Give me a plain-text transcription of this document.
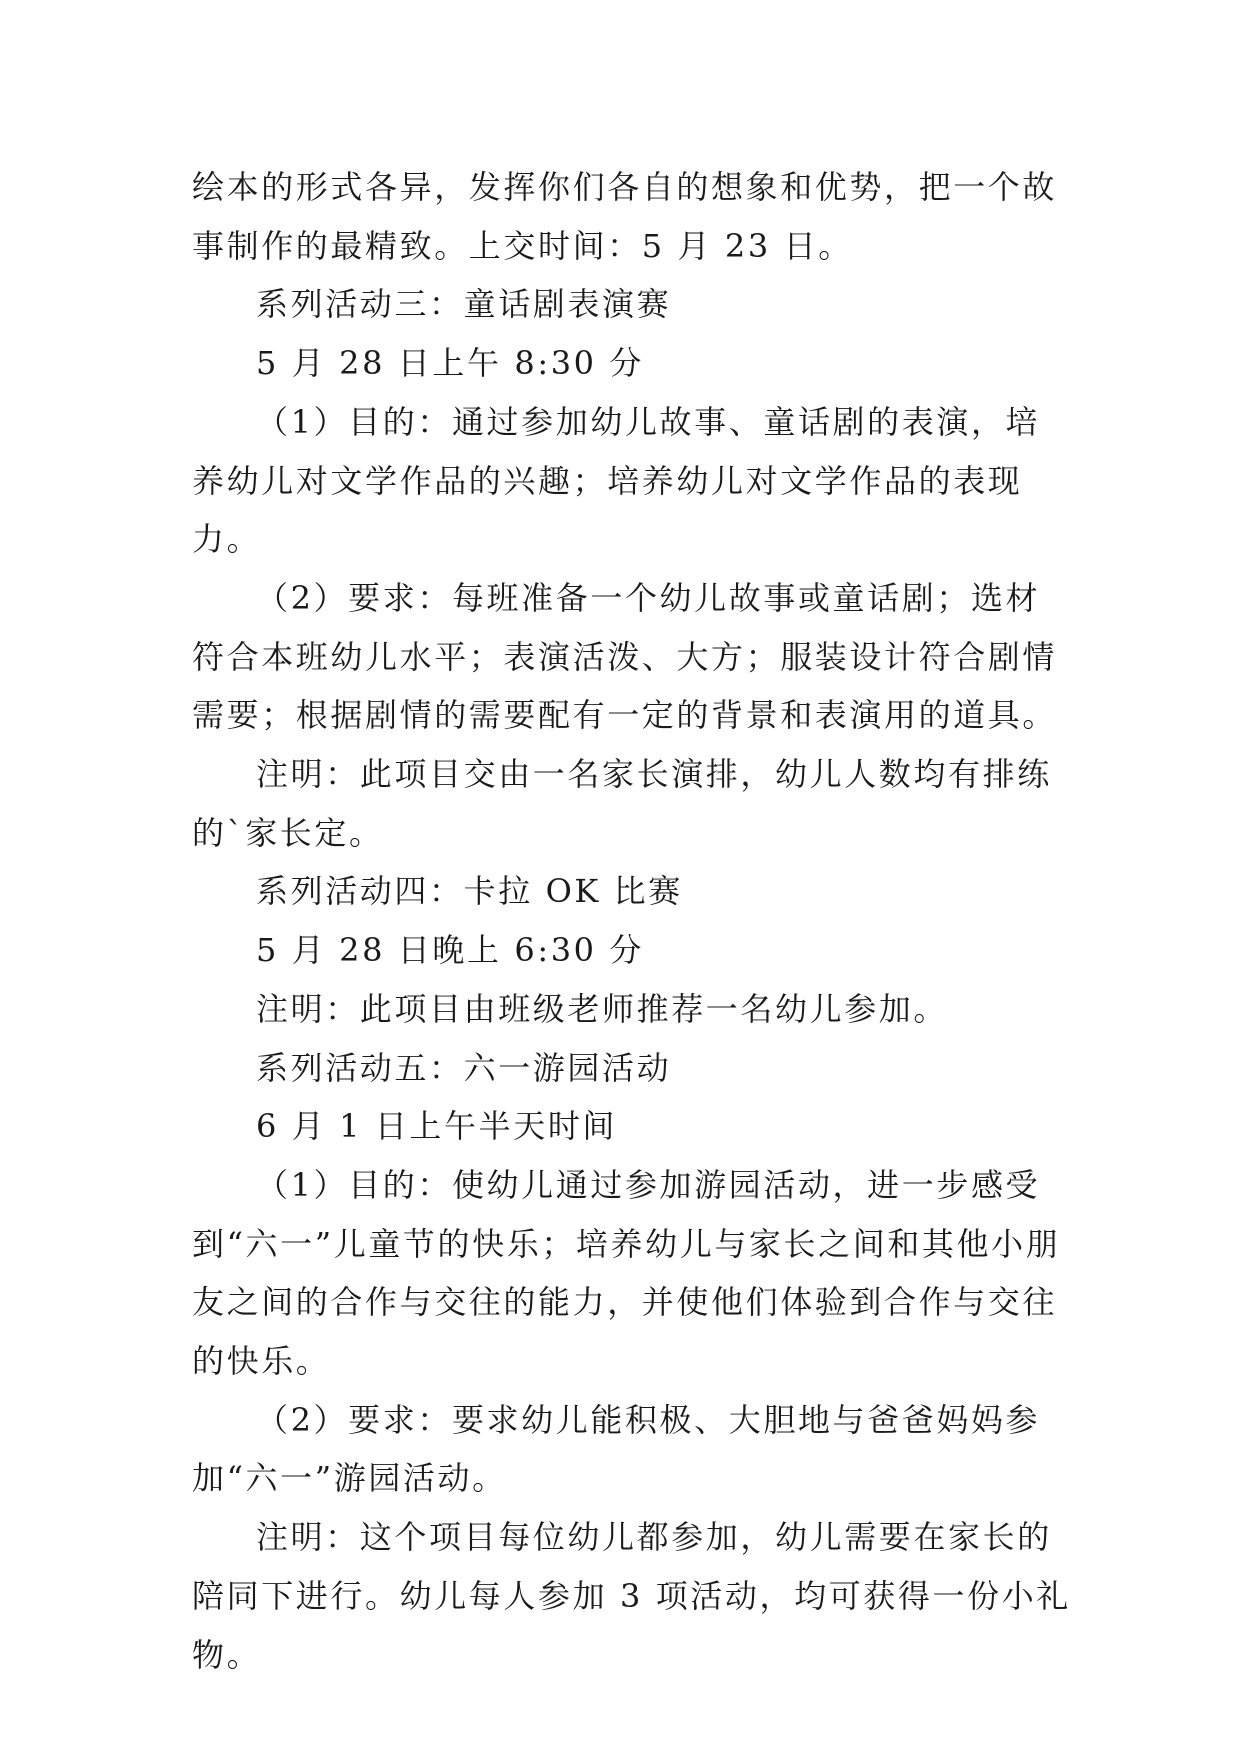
绘本的形式各异，发挥你们各自的想象和优势，把一个故事制作的最精致。上交时间：5 月 23 日。

系列活动三：童话剧表演赛

5 月 28 日上午 8:30 分

（1）目的：通过参加幼儿故事、童话剧的表演，培养幼儿对文学作品的兴趣；培养幼儿对文学作品的表现力。

（2）要求：每班准备一个幼儿故事或童话剧；选材符合本班幼儿水平；表演活泼、大方；服装设计符合剧情需要；根据剧情的需要配有一定的背景和表演用的道具。

注明：此项目交由一名家长演排，幼儿人数均有排练的`家长定。

系列活动四：卡拉 OK 比赛

5 月 28 日晚上 6:30 分

注明：此项目由班级老师推荐一名幼儿参加。

系列活动五：六一游园活动

6 月 1 日上午半天时间

（1）目的：使幼儿通过参加游园活动，进一步感受到“六一”儿童节的快乐；培养幼儿与家长之间和其他小朋友之间的合作与交往的能力，并使他们体验到合作与交往的快乐。

（2）要求：要求幼儿能积极、大胆地与爸爸妈妈参加“六一”游园活动。

注明：这个项目每位幼儿都参加，幼儿需要在家长的陪同下进行。幼儿每人参加 3 项活动，均可获得一份小礼物。
